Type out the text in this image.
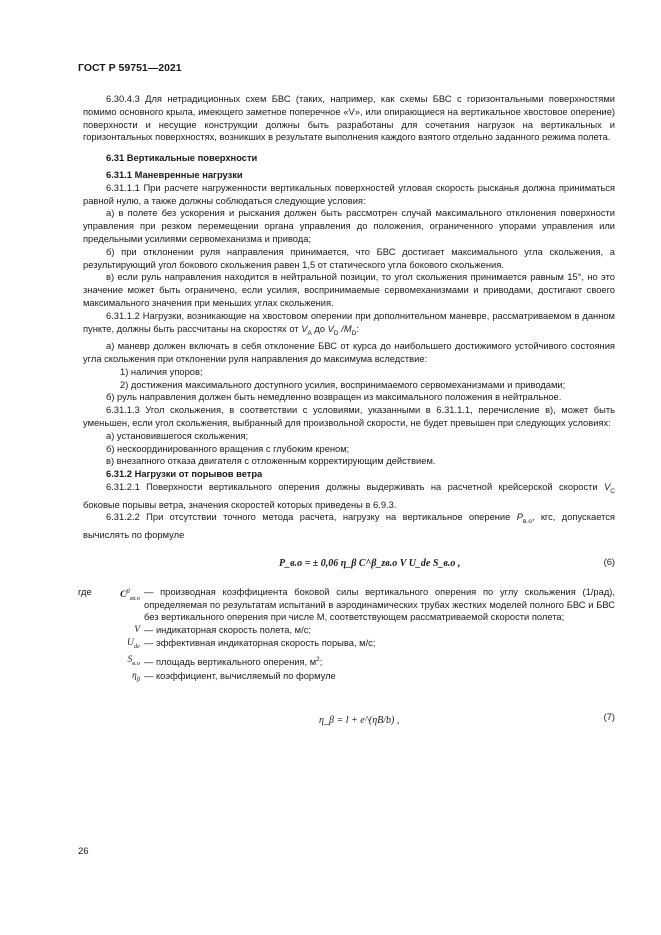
ГОСТ Р 59751—2021

6.30.4.3 Для нетрадиционных схем БВС (таких, например, как схемы БВС с горизонтальными поверхностями помимо основного крыла, имеющего заметное поперечное «V», или опирающиеся на вертикальное хвостовое оперение) поверхности и несущие конструкции должны быть разработаны для сочетания нагрузок на вертикальных и горизонтальных поверхностях, возникших в результате выполнения каждого взятого отдельно заданного режима полета.

6.31 Вертикальные поверхности

6.31.1 Маневренные нагрузки

6.31.1.1 При расчете нагруженности вертикальных поверхностей угловая скорость рысканья должна приниматься равной нулю, а также должны соблюдаться следующие условия:

а) в полете без ускорения и рыскания должен быть рассмотрен случай максимального отклонения поверхности управления при резком перемещении органа управления до положения, ограниченного упорами управления или предельными усилиями сервомеханизма и привода;

б) при отклонении руля направления принимается, что БВС достигает максимального угла скольжения, а результирующий угол бокового скольжения равен 1,5 от статического угла бокового скольжения.

в) если руль направления находится в нейтральной позиции, то угол скольжения принимается равным 15°, но это значение может быть ограничено, если усилия, воспринимаемые сервомеханизмами и приводами, достигают своего максимального значения при меньших углах скольжения.

6.31.1.2 Нагрузки, возникающие на хвостовом оперении при дополнительном маневре, рассматриваемом в данном пункте, должны быть рассчитаны на скоростях от $V_A$ до $V_D$ $/M_D$:

а) маневр должен включать в себя отклонение БВС от курса до наибольшего достижимого устойчивого состояния угла скольжения при отклонении руля направления до максимума вследствие:

1) наличия упоров;

2) достижения максимального доступного усилия, воспринимаемого сервомеханизмами и приводами;

б) руль направления должен быть немедленно возвращен из максимального положения в нейтральное.

6.31.1.3 Угол скольжения, в соответствии с условиями, указанными в 6.31.1.1, перечисление в), может быть уменьшен, если угол скольжения, выбранный для произвольной скорости, не будет превышен при следующих условиях:

а) установившегося скольжения;

б) нескоординированного вращения с глубоким креном;

в) внезапного отказа двигателя с отложенным корректирующим действием.

6.31.2 Нагрузки от порывов ветра

6.31.2.1 Поверхности вертикального оперения должны выдерживать на расчетной крейсерской скорости $V_C$ боковые порывы ветра, значения скоростей которых приведены в 6.9.3.

6.31.2.2 При отсутствии точного метода расчета, нагрузку на вертикальное оперение $P_{в.о}$, кгс, допускается вычислять по формуле

P_в.о = ± 0,06 η_β C^β_zв.о V U_de S_в.о ,	(6)
где	$C^\beta_{zв.о}$
— производная коэффициента боковой силы вертикального оперения по углу скольжения (1/рад), определяемая по результатам испытаний в аэродинамических трубах жестких моделей полного БВС и БВС без вертикального оперения при числе M, соответствующем рассматриваемой скорости полета;

V — индикаторная скорость полета, м/с;

$U_{de}$ — эффективная индикаторная скорость порыва, м/с;

$S_{в.о}$ — площадь вертикального оперения, $м^2$;

$\eta_\beta$ — коэффициент, вычисляемый по формуле

η_β = l + e^(ηB/b) ,	(7)

26
